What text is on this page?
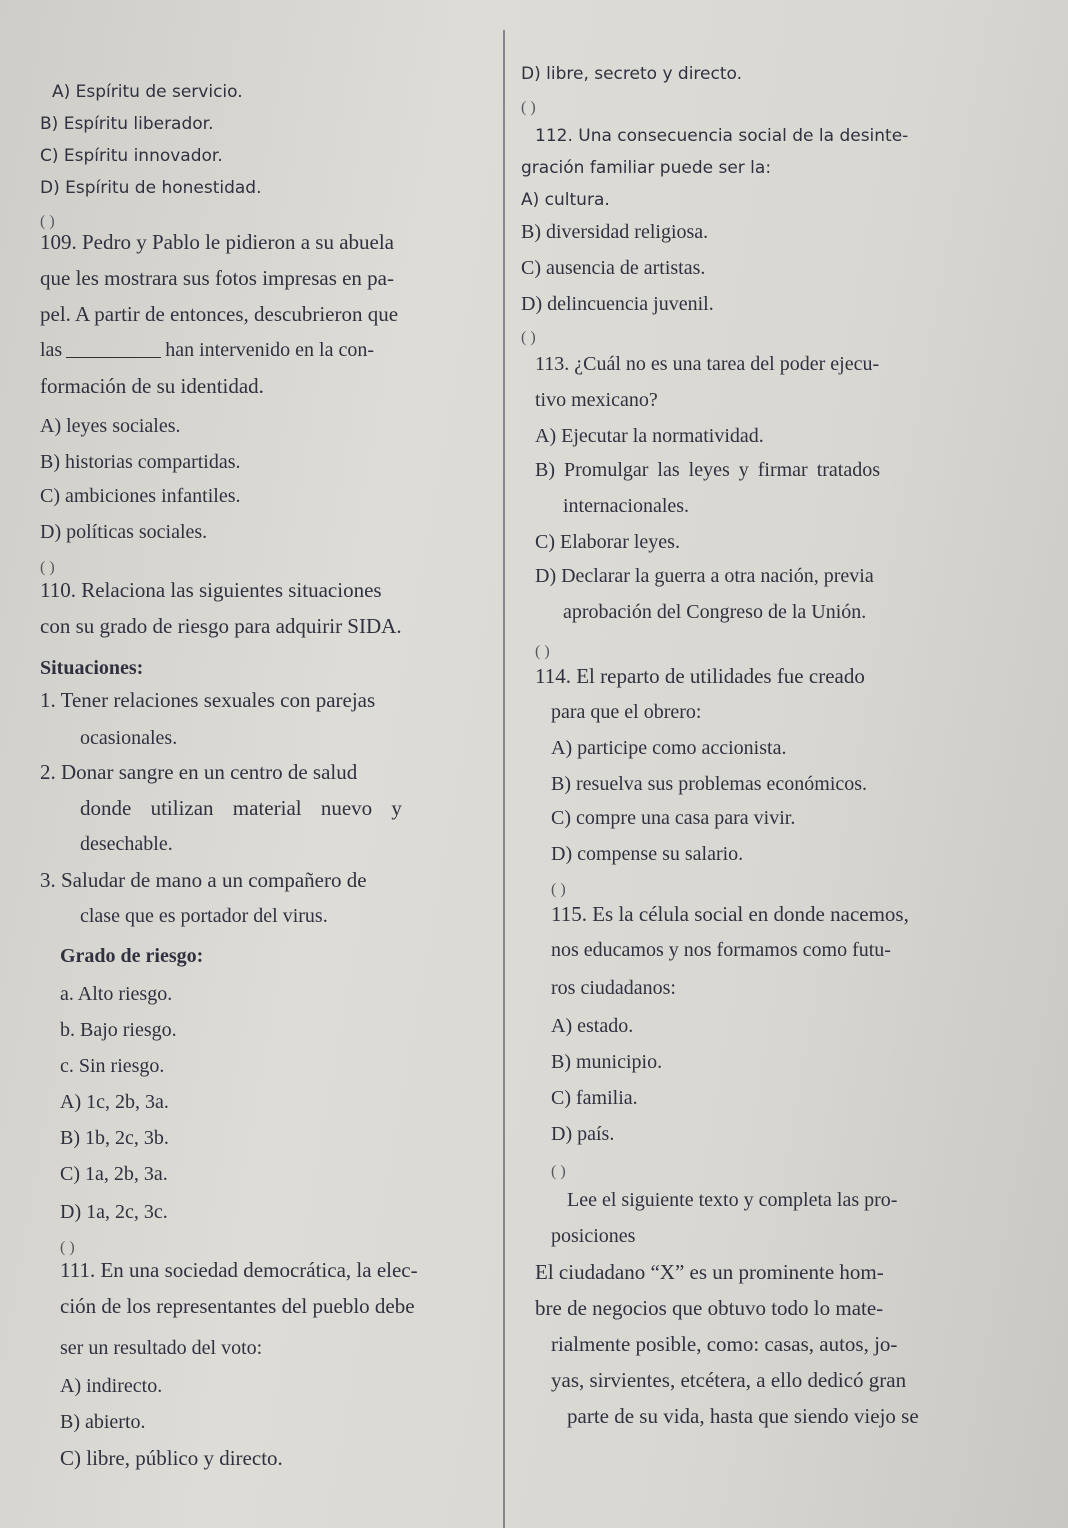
A) Espíritu de servicio.
B) Espíritu liberador.
C) Espíritu innovador.
D) Espíritu de honestidad.
( )
109. Pedro y Pablo le pidieron a su abuela
que les mostrara sus fotos impresas en pa-
pel. A partir de entonces, descubrieron que
las	han intervenido en la con-
formación de su identidad.
A) leyes sociales.
B) historias compartidas.
C) ambiciones infantiles.
D) políticas sociales.
( )
110. Relaciona las siguientes situaciones
con su grado de riesgo para adquirir SIDA.
Situaciones:
1. Tener relaciones sexuales con parejas
ocasionales.
2. Donar sangre en un centro de salud
donde utilizan material nuevo y
desechable.
3. Saludar de mano a un compañero de
clase que es portador del virus.
Grado de riesgo:
a. Alto riesgo.
b. Bajo riesgo.
c. Sin riesgo.
A) 1c, 2b, 3a.
B) 1b, 2c, 3b.
C) 1a, 2b, 3a.
D) 1a, 2c, 3c.
( )
111. En una sociedad democrática, la elec-
ción de los representantes del pueblo debe
ser un resultado del voto:
A) indirecto.
B) abierto.
C) libre, público y directo.
D) libre, secreto y directo.
( )
112. Una consecuencia social de la desinte-
gración familiar puede ser la:
A) cultura.
B) diversidad religiosa.
C) ausencia de artistas.
D) delincuencia juvenil.
( )
113. ¿Cuál no es una tarea del poder ejecu-
tivo mexicano?
A) Ejecutar la normatividad.
B) Promulgar las leyes y firmar tratados
internacionales.
C) Elaborar leyes.
D) Declarar la guerra a otra nación, previa
aprobación del Congreso de la Unión.
( )
114. El reparto de utilidades fue creado
para que el obrero:
A) participe como accionista.
B) resuelva sus problemas económicos.
C) compre una casa para vivir.
D) compense su salario.
( )
115. Es la célula social en donde nacemos,
nos educamos y nos formamos como futu-
ros ciudadanos:
A) estado.
B) municipio.
C) familia.
D) país.
( )
Lee el siguiente texto y completa las pro-
posiciones
El ciudadano “X” es un prominente hom-
bre de negocios que obtuvo todo lo mate-
rialmente posible, como: casas, autos, jo-
yas, sirvientes, etcétera, a ello dedicó gran
parte de su vida, hasta que siendo viejo se
